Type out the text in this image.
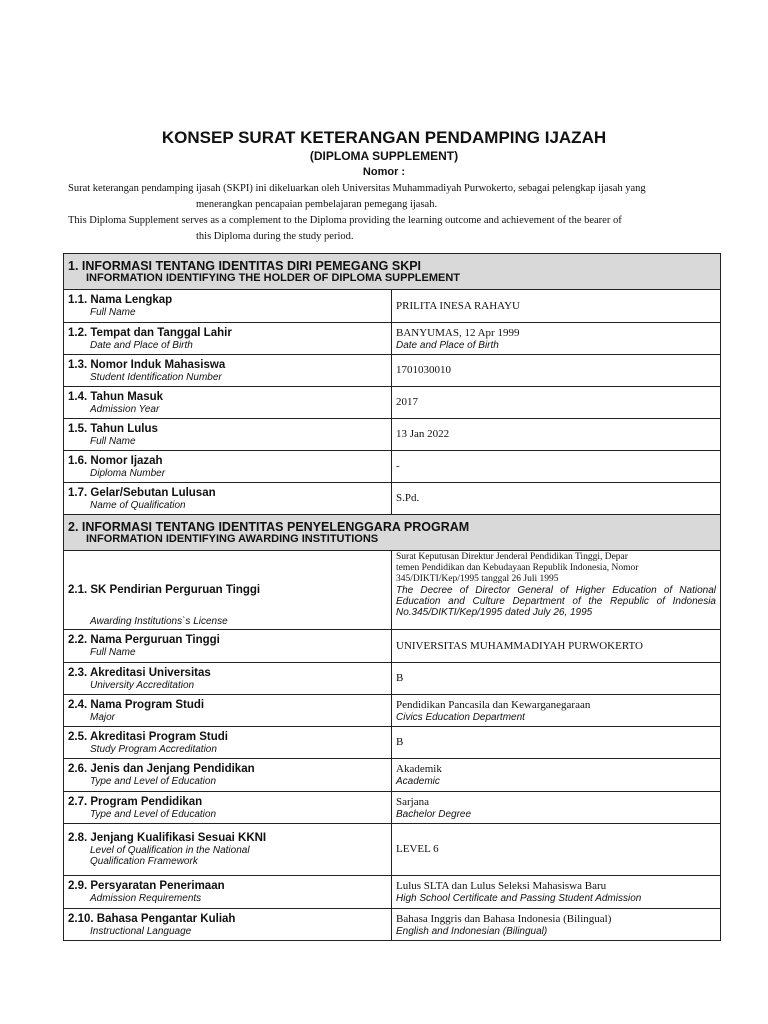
KONSEP SURAT KETERANGAN PENDAMPING IJAZAH
(DIPLOMA SUPPLEMENT)
Nomor :
Surat keterangan pendamping ijasah (SKPI) ini dikeluarkan oleh Universitas Muhammadiyah Purwokerto, sebagai pelengkap ijasah yang
menerangkan pencapaian pembelajaran pemegang ijasah.
This Diploma Supplement serves as a complement to the Diploma providing the learning outcome and achievement of the bearer of
this Diploma during the study period.
1. INFORMASI TENTANG IDENTITAS DIRI PEMEGANG SKPI
INFORMATION IDENTIFYING THE HOLDER OF DIPLOMA SUPPLEMENT	

1.1. Nama Lengkap
Full Name	PRILITA INESA RAHAYU

1.2. Tempat dan Tanggal Lahir
Date and Place of Birth	BANYUMAS, 12 Apr 1999
Date and Place of Birth

1.3. Nomor Induk Mahasiswa
Student Identification Number	1701030010

1.4. Tahun Masuk
Admission Year	2017

1.5. Tahun Lulus
Full Name	13 Jan 2022

1.6. Nomor Ijazah
Diploma Number	-

1.7. Gelar/Sebutan Lulusan
Name of Qualification	S.Pd.

2. INFORMASI TENTANG IDENTITAS PENYELENGGARA PROGRAM
INFORMATION IDENTIFYING AWARDING INSTITUTIONS	

2.1. SK Pendirian Perguruan Tinggi
Awarding Institutions`s License	Surat Keputusan Direktur Jenderal Pendidikan Tinggi, Depar
temen Pendidikan dan Kebudayaan Republik Indonesia, Nomor
345/DIKTI/Kep/1995 tanggal 26 Juli 1995
The Decree of Director General of Higher Education of National Education and Culture Department of the Republic of Indonesia No.345/DIKTI/Kep/1995 dated July 26, 1995

2.2. Nama Perguruan Tinggi
Full Name	UNIVERSITAS MUHAMMADIYAH PURWOKERTO

2.3. Akreditasi Universitas
University Accreditation	B

2.4. Nama Program Studi
Major	Pendidikan Pancasila dan Kewarganegaraan
Civics Education Department

2.5. Akreditasi Program Studi
Study Program Accreditation	B

2.6. Jenis dan Jenjang Pendidikan
Type and Level of Education	Akademik
Academic

2.7. Program Pendidikan
Type and Level of Education	Sarjana
Bachelor Degree

2.8. Jenjang Kualifikasi Sesuai KKNI
Level of Qualification in the National
Qualification Framework	LEVEL 6

2.9. Persyaratan Penerimaan
Admission Requirements	Lulus SLTA dan Lulus Seleksi Mahasiswa Baru
High School Certificate and Passing Student Admission

2.10. Bahasa Pengantar Kuliah
Instructional Language	Bahasa Inggris dan Bahasa Indonesia (Bilingual)
English and Indonesian (Bilingual)
